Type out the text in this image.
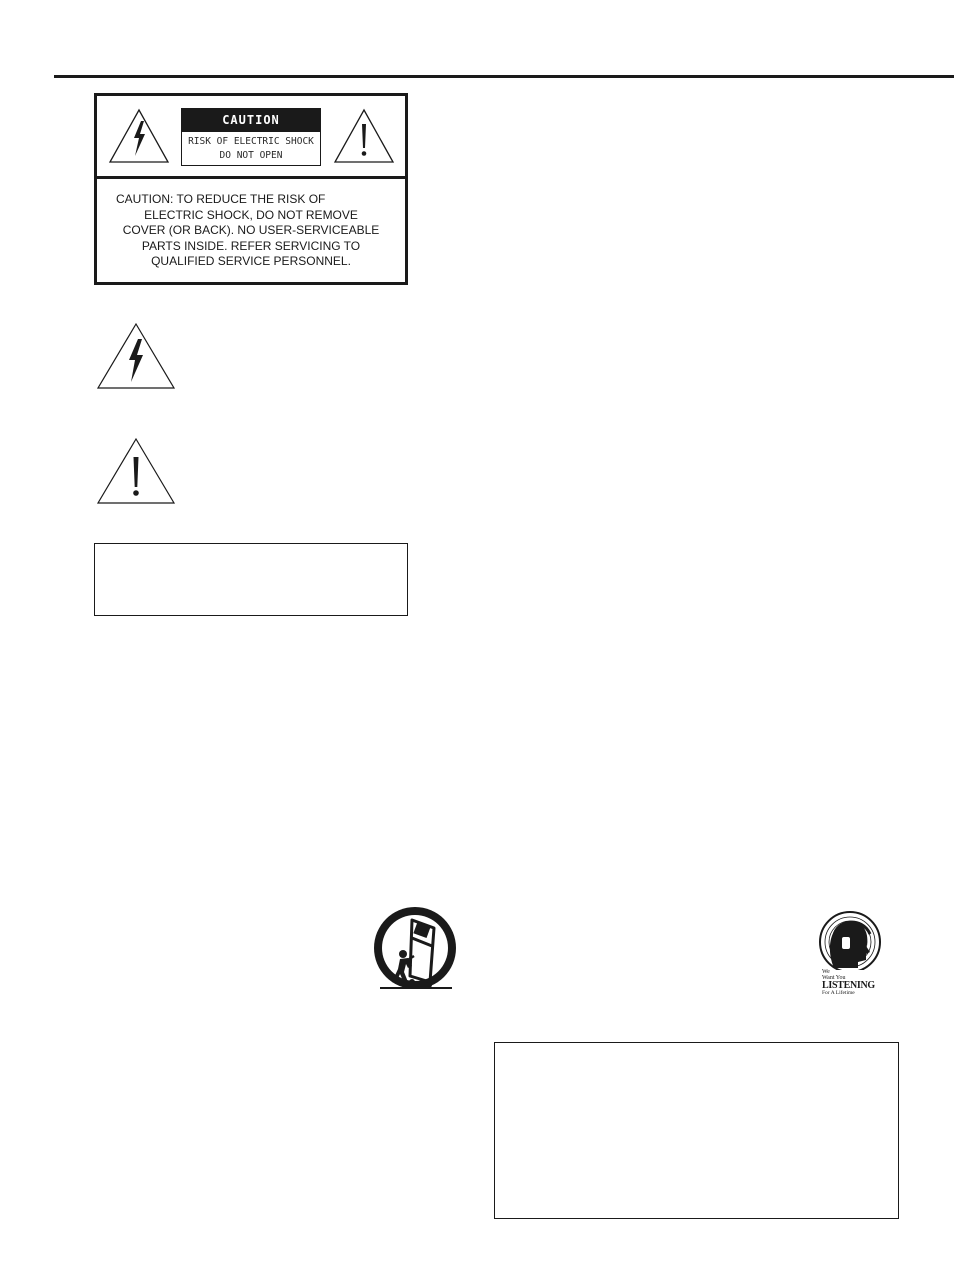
CAUTION
RISK OF ELECTRIC SHOCK
DO NOT OPEN
CAUTION: TO REDUCE THE RISK OF
ELECTRIC SHOCK, DO NOT REMOVE
COVER (OR BACK). NO USER-SERVICEABLE
PARTS INSIDE. REFER SERVICING TO
QUALIFIED SERVICE PERSONNEL.
We
Want You
LISTENING
For A Lifetime
